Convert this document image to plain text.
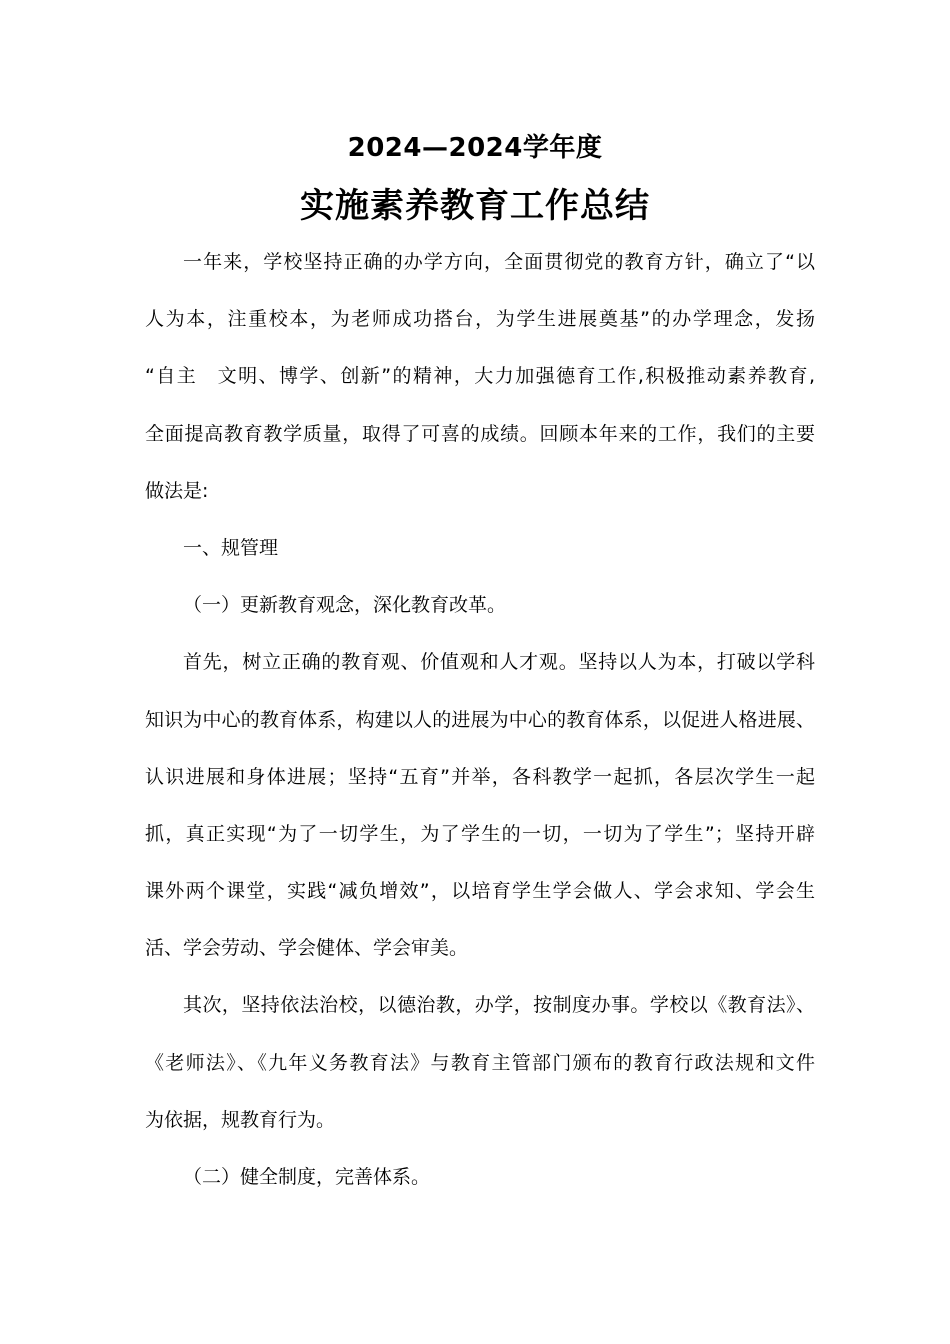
2024—2024学年度
实施素养教育工作总结
一年来，学校坚持正确的办学方向，全面贯彻党的教育方针，确立了“以
人为本，注重校本，为老师成功搭台，为学生进展奠基”的办学理念，发扬
“自主　文明、博学、创新”的精神，大力加强德育工作,积极推动素养教育,
全面提高教育教学质量，取得了可喜的成绩。回顾本年来的工作，我们的主要
做法是:
一、规管理
（一）更新教育观念，深化教育改革。
首先，树立正确的教育观、价值观和人才观。坚持以人为本，打破以学科
知识为中心的教育体系，构建以人的进展为中心的教育体系，以促进人格进展、
认识进展和身体进展；坚持“五育”并举，各科教学一起抓，各层次学生一起
抓，真正实现“为了一切学生，为了学生的一切，一切为了学生”；坚持开辟
课外两个课堂，实践“减负增效”，以培育学生学会做人、学会求知、学会生
活、学会劳动、学会健体、学会审美。
其次，坚持依法治校，以德治教，办学，按制度办事。学校以《教育法》、
《老师法》、《九年义务教育法》与教育主管部门颁布的教育行政法规和文件
为依据，规教育行为。
（二）健全制度，完善体系。
